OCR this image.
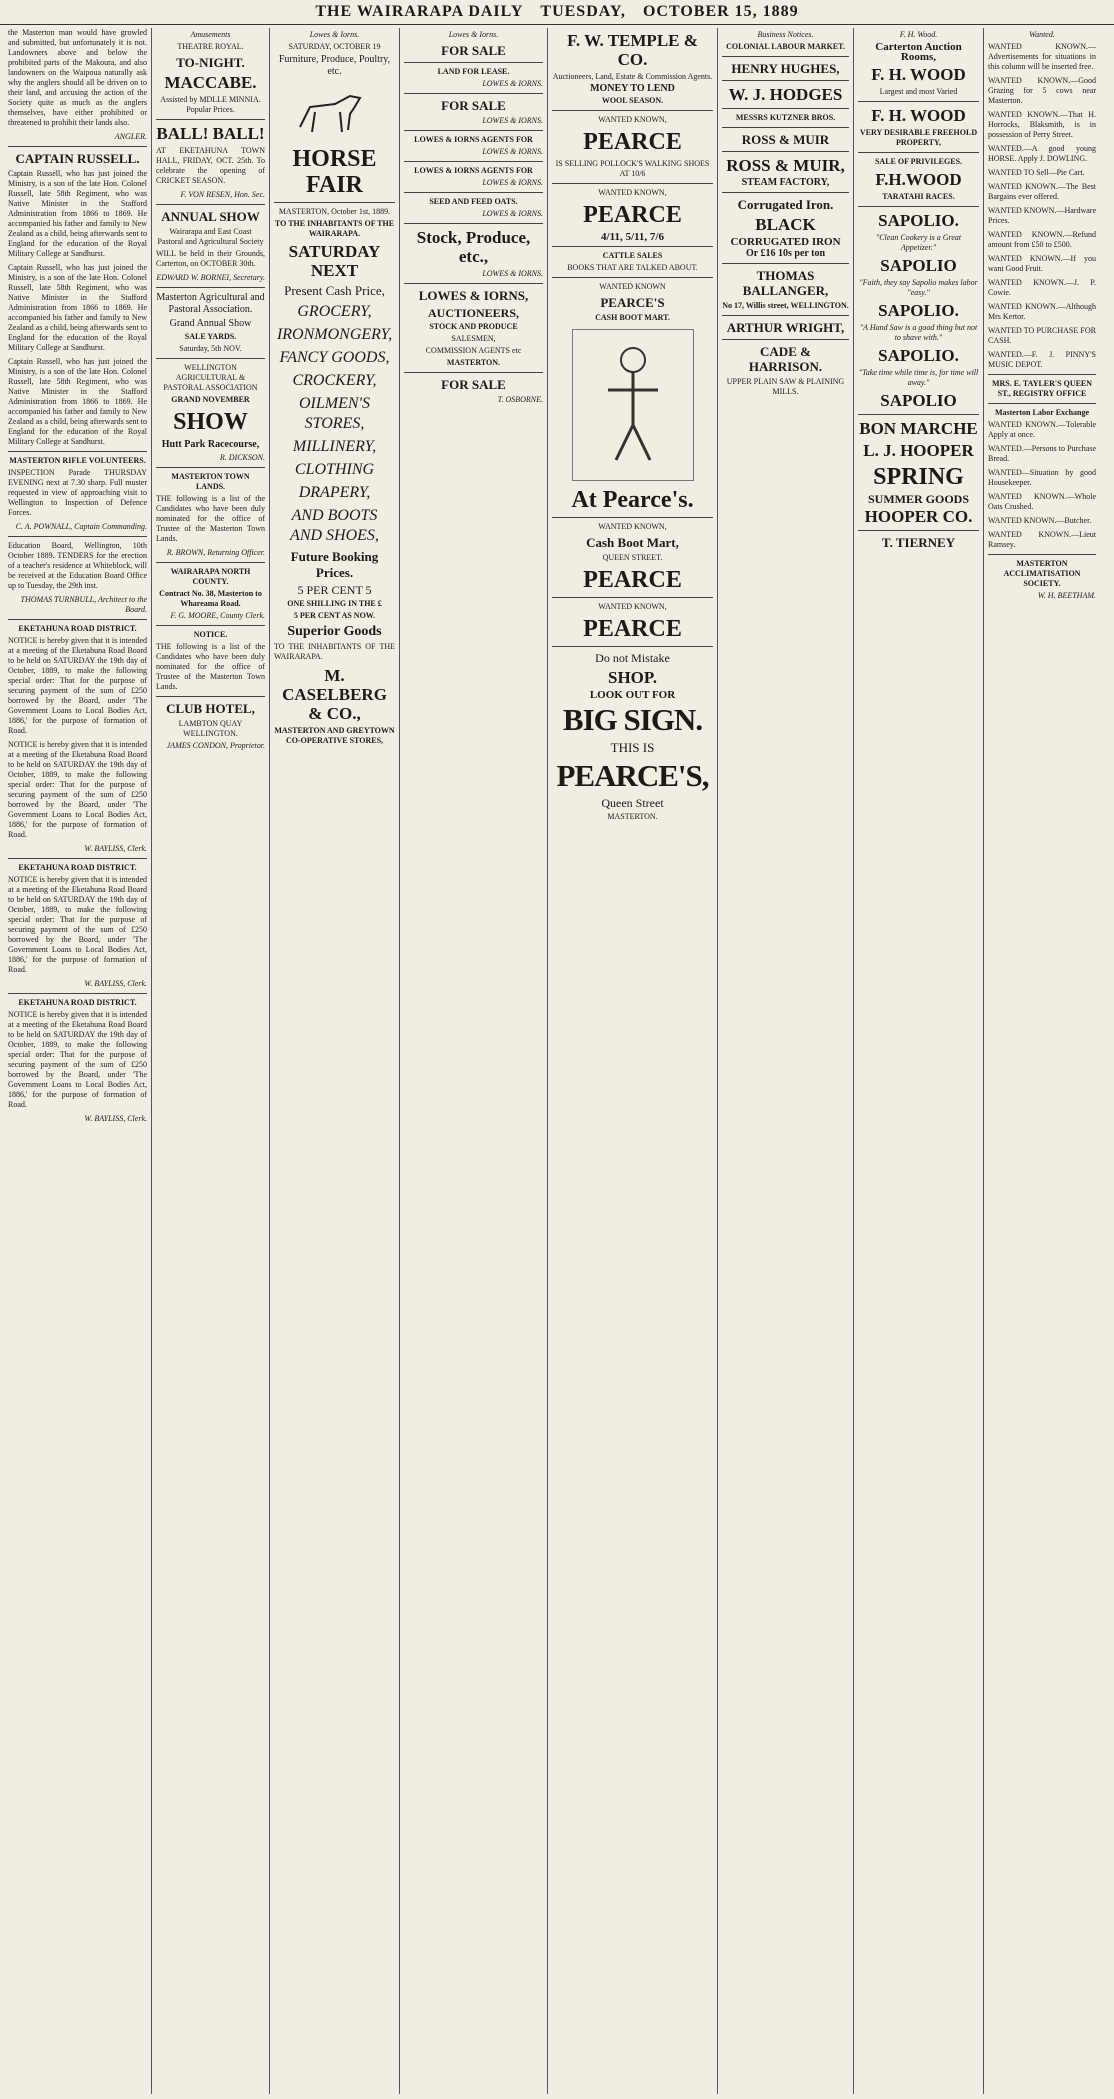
THE WAIRARAPA DAILY TUESDAY, OCTOBER 15, 1889

the Masterton man would have growled and submitted, but unfortunately it is not. Landowners above and below the prohibited parts of the Makoura, and also landowners on the Waipoua naturally ask why the anglers should all be driven on to their land, and accusing the action of the Society quite as much as the anglers themselves, have either prohibited or threatened to prohibit their lands also.

ANGLER.

CAPTAIN RUSSELL.

Captain Russell, who has just joined the Ministry, is a son of the late Hon. Colonel Russell, late 58th Regiment, who was Native Minister in the Stafford Administration from 1866 to 1869. He accompanied his father and family to New Zealand as a child, being afterwards sent to England for the education of the Royal Military College at Sandhurst.

Captain Russell, who has just joined the Ministry, is a son of the late Hon. Colonel Russell, late 58th Regiment, who was Native Minister in the Stafford Administration from 1866 to 1869. He accompanied his father and family to New Zealand as a child, being afterwards sent to England for the education of the Royal Military College at Sandhurst.

Captain Russell, who has just joined the Ministry, is a son of the late Hon. Colonel Russell, late 58th Regiment, who was Native Minister in the Stafford Administration from 1866 to 1869. He accompanied his father and family to New Zealand as a child, being afterwards sent to England for the education of the Royal Military College at Sandhurst.

MASTERTON RIFLE VOLUNTEERS.

INSPECTION Parade THURSDAY EVENING next at 7.30 sharp. Full muster requested in view of approaching visit to Wellington to Inspection of Defence Forces.

C. A. POWNALL, Captain Commanding.

Education Board, Wellington, 10th October 1889. TENDERS for the erection of a teacher's residence at Whiteblock, will be received at the Education Board Office up to Tuesday, the 29th inst.

THOMAS TURNBULL, Architect to the Board.

EKETAHUNA ROAD DISTRICT.

NOTICE is hereby given that it is intended at a meeting of the Eketahuna Road Board to be held on SATURDAY the 19th day of October, 1889, to make the following special order: That for the purpose of securing payment of the sum of £250 borrowed by the Board, under 'The Government Loans to Local Bodies Act, 1886,' for the purpose of formation of Road.

NOTICE is hereby given that it is intended at a meeting of the Eketahuna Road Board to be held on SATURDAY the 19th day of October, 1889, to make the following special order: That for the purpose of securing payment of the sum of £250 borrowed by the Board, under 'The Government Loans to Local Bodies Act, 1886,' for the purpose of formation of Road.

W. BAYLISS, Clerk.

EKETAHUNA ROAD DISTRICT.

NOTICE is hereby given that it is intended at a meeting of the Eketahuna Road Board to be held on SATURDAY the 19th day of October, 1889, to make the following special order: That for the purpose of securing payment of the sum of £250 borrowed by the Board, under 'The Government Loans to Local Bodies Act, 1886,' for the purpose of formation of Road.

W. BAYLISS, Clerk.

EKETAHUNA ROAD DISTRICT.

NOTICE is hereby given that it is intended at a meeting of the Eketahuna Road Board to be held on SATURDAY the 19th day of October, 1889, to make the following special order: That for the purpose of securing payment of the sum of £250 borrowed by the Board, under 'The Government Loans to Local Bodies Act, 1886,' for the purpose of formation of Road.

W. BAYLISS, Clerk.

Amusements
THEATRE ROYAL.
TO-NIGHT.
MACCABE.
Assisted by MDLLE MINNIA. Popular Prices.
BALL! BALL!

AT EKETAHUNA TOWN HALL, FRIDAY, OCT. 25th. To celebrate the opening of CRICKET SEASON.

F. VON RESEN, Hon. Sec.

ANNUAL SHOW
Wairarapa and East Coast Pastoral and Agricultural Society

WILL be held in their Grounds, Carterton, on OCTOBER 30th.

EDWARD W. BORNEI, Secretary.

Masterton Agricultural and Pastoral Association.
Grand Annual Show
SALE YARDS.
Saturday, 5th NOV.
WELLINGTON AGRICULTURAL & PASTORAL ASSOCIATION
GRAND NOVEMBER
SHOW
Hutt Park Racecourse,

R. DICKSON.

MASTERTON TOWN LANDS.

THE following is a list of the Candidates who have been duly nominated for the office of Trustee of the Masterton Town Lands.

R. BROWN, Returning Officer.

WAIRARAPA NORTH COUNTY.
Contract No. 38, Masterton to Whareama Road.

F. G. MOORE, County Clerk.

NOTICE.

THE following is a list of the Candidates who have been duly nominated for the office of Trustee of the Masterton Town Lands.

CLUB HOTEL,
LAMBTON QUAY WELLINGTON.

JAMES CONDON, Proprietor.

Lowes & Iorns.
SATURDAY, OCTOBER 19
Furniture, Produce, Poultry, etc.
HORSE FAIR
MASTERTON, October 1st, 1889.
TO THE INHABITANTS OF THE WAIRARAPA.
SATURDAY NEXT
Present Cash Price,
GROCERY,
IRONMONGERY,
FANCY GOODS,
CROCKERY,
OILMEN'S STORES,
MILLINERY,
CLOTHING
DRAPERY,
AND BOOTS AND SHOES,
Future Booking Prices.
5 PER CENT 5
ONE SHILLING IN THE £
5 PER CENT AS NOW.
Superior Goods

TO THE INHABITANTS OF THE WAIRARAPA.

M. CASELBERG & CO.,
MASTERTON AND GREYTOWN CO-OPERATIVE STORES,
Lowes & Iorns.
FOR SALE
LAND FOR LEASE.

LOWES & IORNS.

FOR SALE

LOWES & IORNS.

LOWES & IORNS AGENTS FOR

LOWES & IORNS.

LOWES & IORNS AGENTS FOR

LOWES & IORNS.

SEED AND FEED OATS.

LOWES & IORNS.

Stock, Produce, etc.,

LOWES & IORNS.

LOWES & IORNS,
AUCTIONEERS,
STOCK AND PRODUCE
SALESMEN,
COMMISSION AGENTS etc
MASTERTON.
FOR SALE

T. OSBORNE.

F. W. TEMPLE & CO.
Auctioneers, Land, Estate & Commission Agents.
MONEY TO LEND
WOOL SEASON.
WANTED KNOWN,
PEARCE
IS SELLING POLLOCK'S WALKING SHOES AT 10/6
WANTED KNOWN,
PEARCE
4/11, 5/11, 7/6
CATTLE SALES
BOOKS THAT ARE TALKED ABOUT.
WANTED KNOWN
PEARCE'S
CASH BOOT MART.
At Pearce's.
WANTED KNOWN,
Cash Boot Mart,
QUEEN STREET.
PEARCE
WANTED KNOWN,
PEARCE
Do not Mistake
SHOP.
LOOK OUT FOR
BIG SIGN.
THIS IS
PEARCE'S,
Queen Street
MASTERTON.
Business Notices.
COLONIAL LABOUR MARKET.
HENRY HUGHES,
W. J. HODGES
MESSRS KUTZNER BROS.
ROSS & MUIR
ROSS & MUIR,
STEAM FACTORY,
Corrugated Iron.
BLACK
CORRUGATED IRON
Or £16 10s per ton
THOMAS BALLANGER,
No 17, Willis street, WELLINGTON.
ARTHUR WRIGHT,
CADE & HARRISON.
UPPER PLAIN SAW & PLAINING MILLS.
F. H. Wood.
Carterton Auction Rooms,
F. H. WOOD
Largest and most Varied
F. H. WOOD
VERY DESIRABLE FREEHOLD PROPERTY,
SALE OF PRIVILEGES.
F.H.WOOD
TARATAHI RACES.
SAPOLIO.
"Clean Cookery is a Great Appetizer."
SAPOLIO
"Faith, they say Sapolio makes labor "easy."
SAPOLIO.
"A Hand Saw is a good thing but not to shave with."
SAPOLIO.
"Take time while time is, for time will away."
SAPOLIO
BON MARCHE
L. J. HOOPER
SPRING
SUMMER GOODS
HOOPER CO.
T. TIERNEY
Wanted.

WANTED KNOWN.—Advertisements for situations in this column will be inserted free.

WANTED KNOWN.—Good Grazing for 5 cows near Masterton.

WANTED KNOWN.—That H. Horrocks, Blaksmith, is in possession of Perry Street.

WANTED.—A good young HORSE. Apply J. DOWLING.

WANTED TO Sell—Pie Cart.

WANTED KNOWN.—The Best Bargains ever offered.

WANTED KNOWN.—Hardware Prices.

WANTED KNOWN.—Refund amount from £50 to £500.

WANTED KNOWN.—If you want Good Fruit.

WANTED KNOWN.—J. P. Cowie.

WANTED KNOWN.—Although Mrs Kertor.

WANTED TO PURCHASE FOR CASH.

WANTED.—F. J. PINNY'S MUSIC DEPOT.

MRS. E. TAYLER'S QUEEN ST., REGISTRY OFFICE
Masterton Labor Exchange

WANTED KNOWN.—Tolerable Apply at once.

WANTED.—Persons to Purchase Bread.

WANTED—Situation by good Housekeeper.

WANTED KNOWN.—Whole Oats Crushed.

WANTED KNOWN.—Butcher.

WANTED KNOWN.—Lieut Ramsey.

MASTERTON ACCLIMATISATION SOCIETY.

W. H. BEETHAM.
